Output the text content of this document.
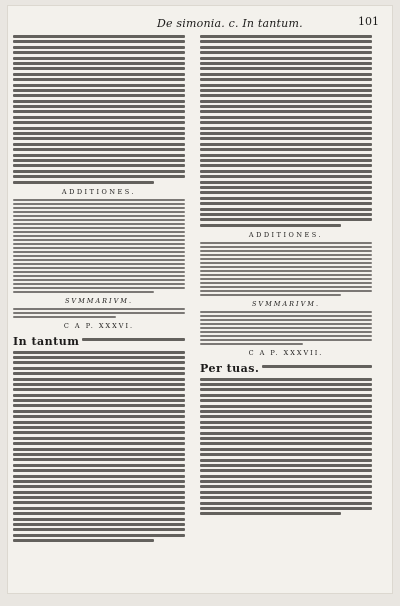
De simonia. c. In tantum.	101
ADDITIONES.
SVMMARIVM.
C A P. XXXVI.
In tantum
ADDITIONES.
SVMMARIVM.
C A P. XXXVII.
Per tuas.
